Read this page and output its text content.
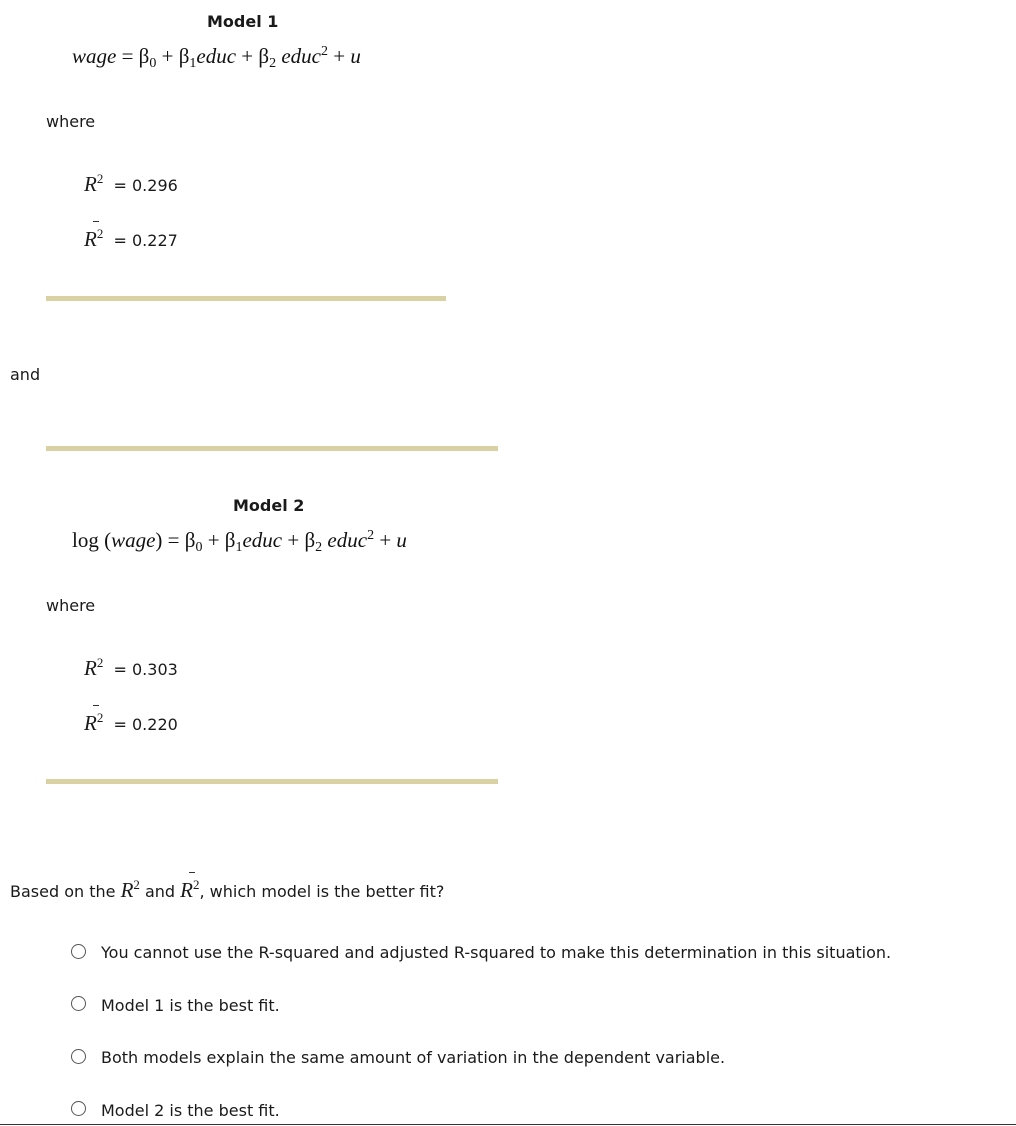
Model 1
wage = $\beta_0$ + $\beta_1educ + \beta_2$ educ$^2$ + u
where
$R^2 = 0.296$
$R^2 = 0.227$
and
Model 2
log (wage) = $\beta_0$ + $\beta_1educ + \beta_2$ educ$^2$ + u
where
$R^2 = 0.303$
$R^2 = 0.220$
Based on the $R^2$ and
$R^2$, which model is the better fit?
You cannot use the R-squared and adjusted R-squared to make this determination in this situation.
Model 1 is the best fit.
Both models explain the same amount of variation in the dependent variable.
Model 2 is the best fit.
